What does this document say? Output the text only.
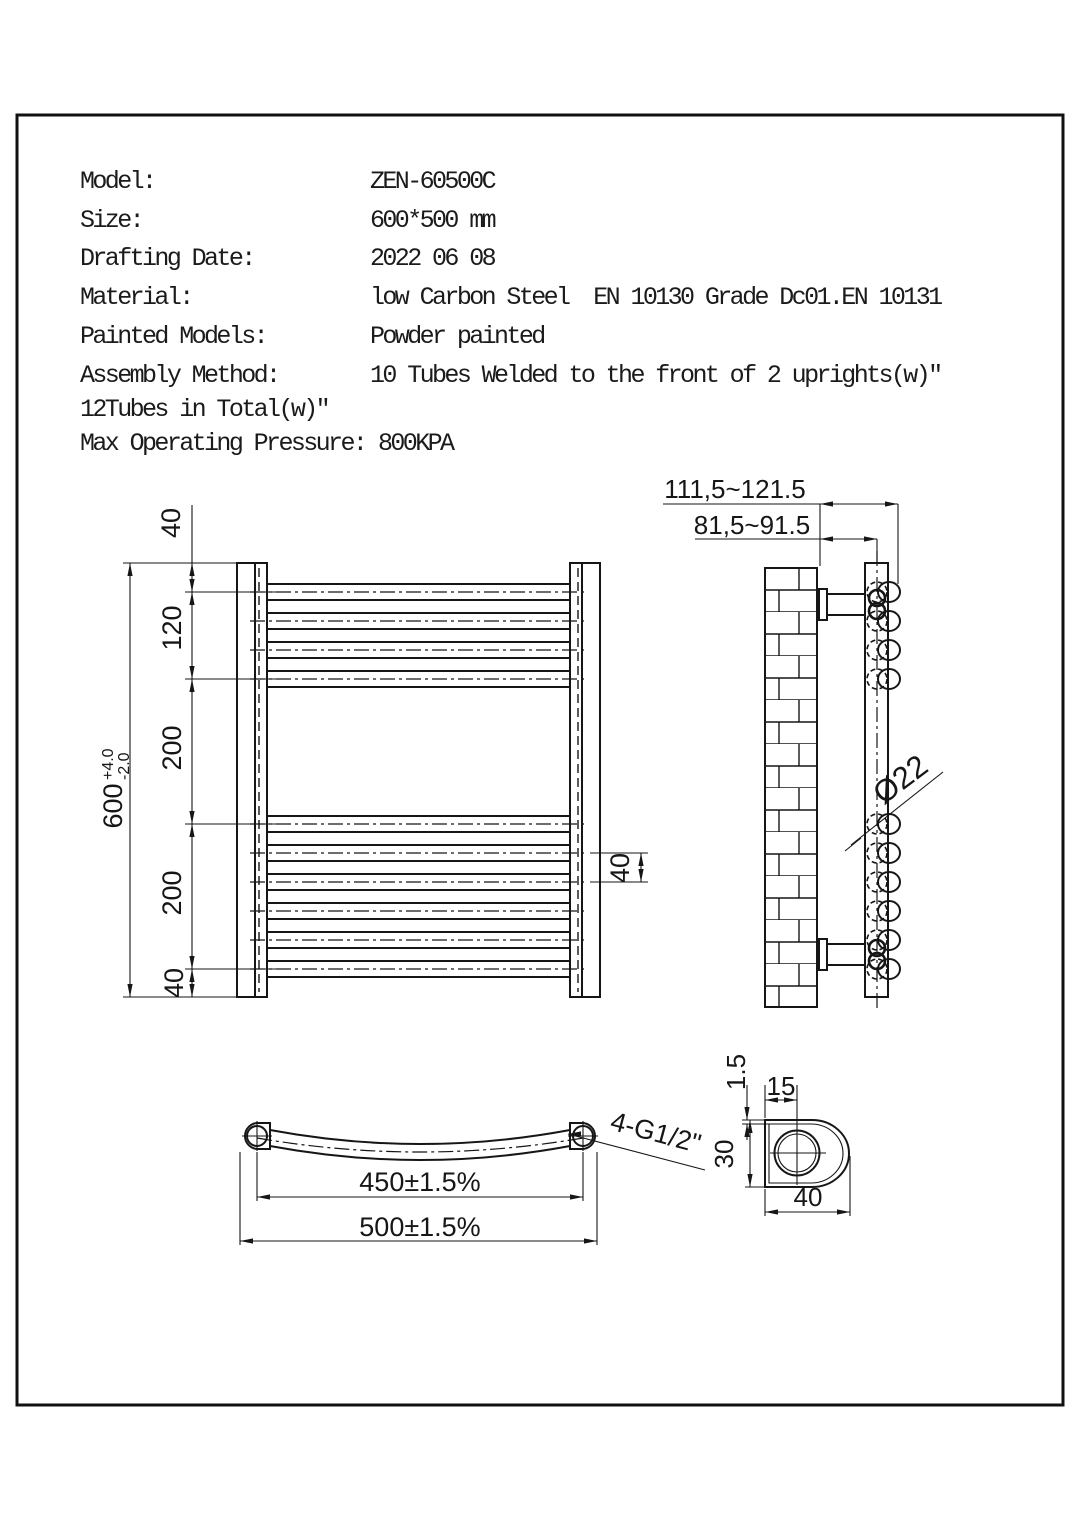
Model:	ZEN-60500C
Size:	600*500 mm
Drafting Date:	2022 06 08
Material:	low Carbon Steel  EN 10130 Grade Dc01.EN 10131
Painted Models:	Powder painted
Assembly Method:	10 Tubes Welded to the front of 2 uprights(w)″
12Tubes in Total(w)″
Max Operating Pressure: 800KPA
40
120
200
200
40
600
+4.0 -2.0
40
111,5~121.5
81,5~91.5
Ø22
450±1.5%
500±1.5%
4-G1/2"
1.5 15
30
40
